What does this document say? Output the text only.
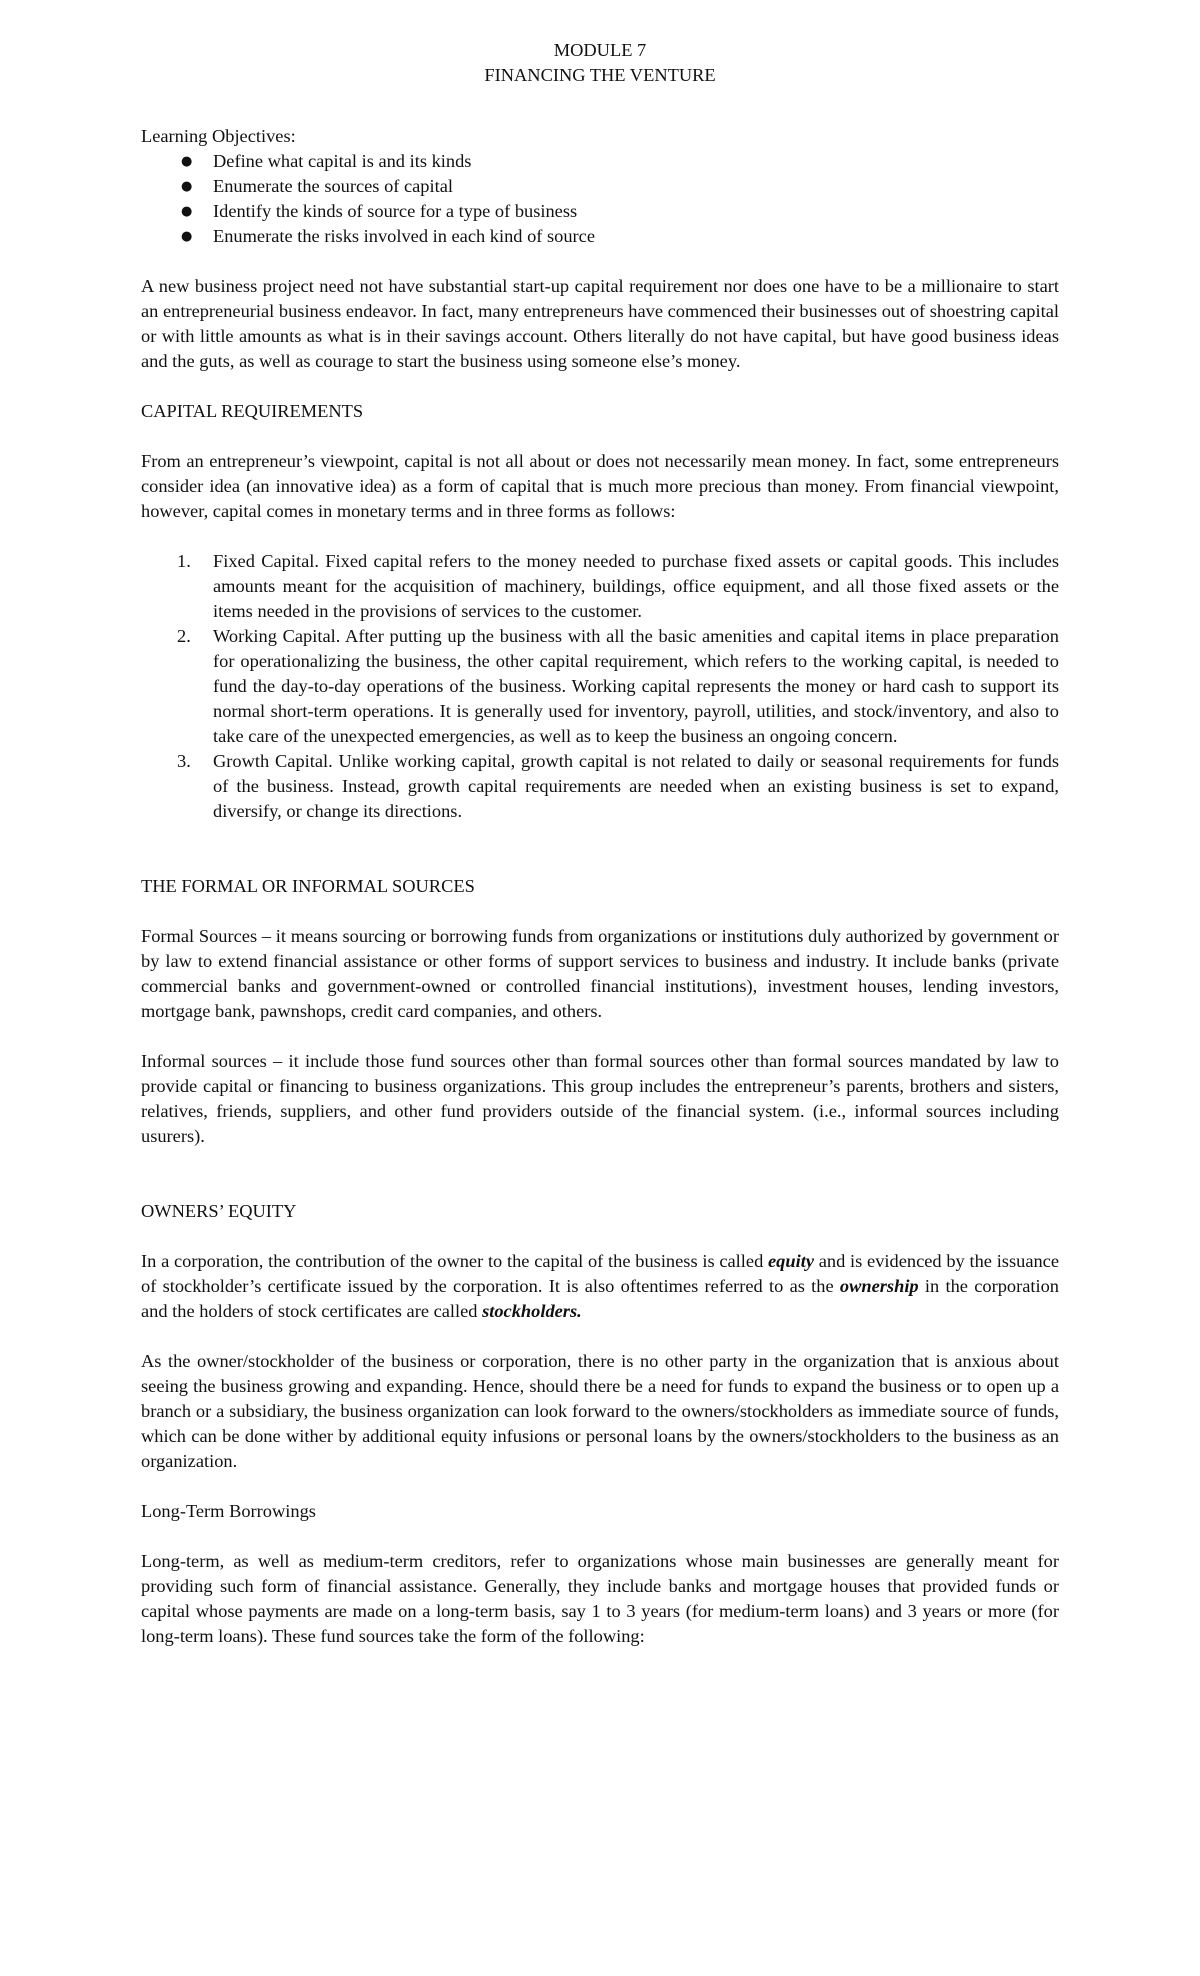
MODULE 7
FINANCING THE VENTURE
Learning Objectives:
● Define what capital is and its kinds
● Enumerate the sources of capital
● Identify the kinds of source for a type of business
● Enumerate the risks involved in each kind of source

A new business project need not have substantial start-up capital requirement nor does one have to be a millionaire to start an entrepreneurial business endeavor. In fact, many entrepreneurs have commenced their businesses out of shoestring capital or with little amounts as what is in their savings account. Others literally do not have capital, but have good business ideas and the guts, as well as courage to start the business using someone else’s money.

CAPITAL REQUIREMENTS

From an entrepreneur’s viewpoint, capital is not all about or does not necessarily mean money. In fact, some entrepreneurs consider idea (an innovative idea) as a form of capital that is much more precious than money. From financial viewpoint, however, capital comes in monetary terms and in three forms as follows:

1. Fixed Capital. Fixed capital refers to the money needed to purchase fixed assets or capital goods. This includes amounts meant for the acquisition of machinery, buildings, office equipment, and all those fixed assets or the items needed in the provisions of services to the customer.
2. Working Capital. After putting up the business with all the basic amenities and capital items in place preparation for operationalizing the business, the other capital requirement, which refers to the working capital, is needed to fund the day-to-day operations of the business. Working capital represents the money or hard cash to support its normal short-term operations. It is generally used for inventory, payroll, utilities, and stock/inventory, and also to take care of the unexpected emergencies, as well as to keep the business an ongoing concern.
3. Growth Capital. Unlike working capital, growth capital is not related to daily or seasonal requirements for funds of the business. Instead, growth capital requirements are needed when an existing business is set to expand, diversify, or change its directions.
THE FORMAL OR INFORMAL SOURCES

Formal Sources – it means sourcing or borrowing funds from organizations or institutions duly authorized by government or by law to extend financial assistance or other forms of support services to business and industry. It include banks (private commercial banks and government-owned or controlled financial institutions), investment houses, lending investors, mortgage bank, pawnshops, credit card companies, and others.

Informal sources – it include those fund sources other than formal sources other than formal sources mandated by law to provide capital or financing to business organizations. This group includes the entrepreneur’s parents, brothers and sisters, relatives, friends, suppliers, and other fund providers outside of the financial system. (i.e., informal sources including usurers).

OWNERS’ EQUITY

In a corporation, the contribution of the owner to the capital of the business is called equity and is evidenced by the issuance of stockholder’s certificate issued by the corporation. It is also oftentimes referred to as the ownership in the corporation and the holders of stock certificates are called stockholders.

As the owner/stockholder of the business or corporation, there is no other party in the organization that is anxious about seeing the business growing and expanding. Hence, should there be a need for funds to expand the business or to open up a branch or a subsidiary, the business organization can look forward to the owners/stockholders as immediate source of funds, which can be done wither by additional equity infusions or personal loans by the owners/stockholders to the business as an organization.

Long-Term Borrowings

Long-term, as well as medium-term creditors, refer to organizations whose main businesses are generally meant for providing such form of financial assistance. Generally, they include banks and mortgage houses that provided funds or capital whose payments are made on a long-term basis, say 1 to 3 years (for medium-term loans) and 3 years or more (for long-term loans). These fund sources take the form of the following:
